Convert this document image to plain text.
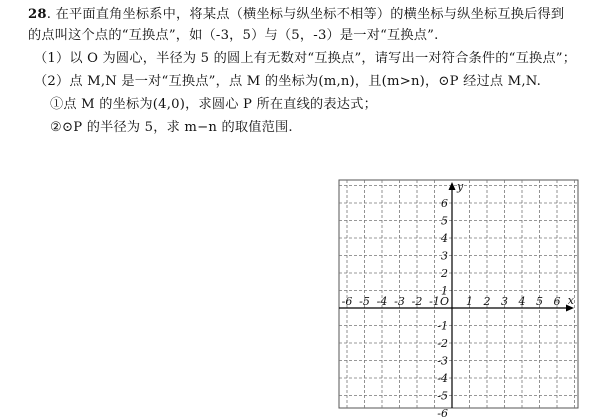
28. 在平面直角坐标系中，将某点（横坐标与纵坐标不相等）的横坐标与纵坐标互换后得到
的点叫这个点的“互换点”，如（-3，5）与（5，-3）是一对“互换点”.
（1）以 O 为圆心，半径为 5 的圆上有无数对“互换点”，请写出一对符合条件的“互换点”；
（2）点 M,N 是一对“互换点”，点 M 的坐标为(m,n)，且(m>n)，⊙P 经过点 M,N.
①点 M 的坐标为(4,0)，求圆心 P 所在直线的表达式；
②⊙P 的半径为 5，求 m−n 的取值范围.
-6 -5 -4 -3 -2 -1 1 2 3 4 5 6
1
2
3
4
5
6
-1
-2
-3
-4
-5
-6
O	x
y
